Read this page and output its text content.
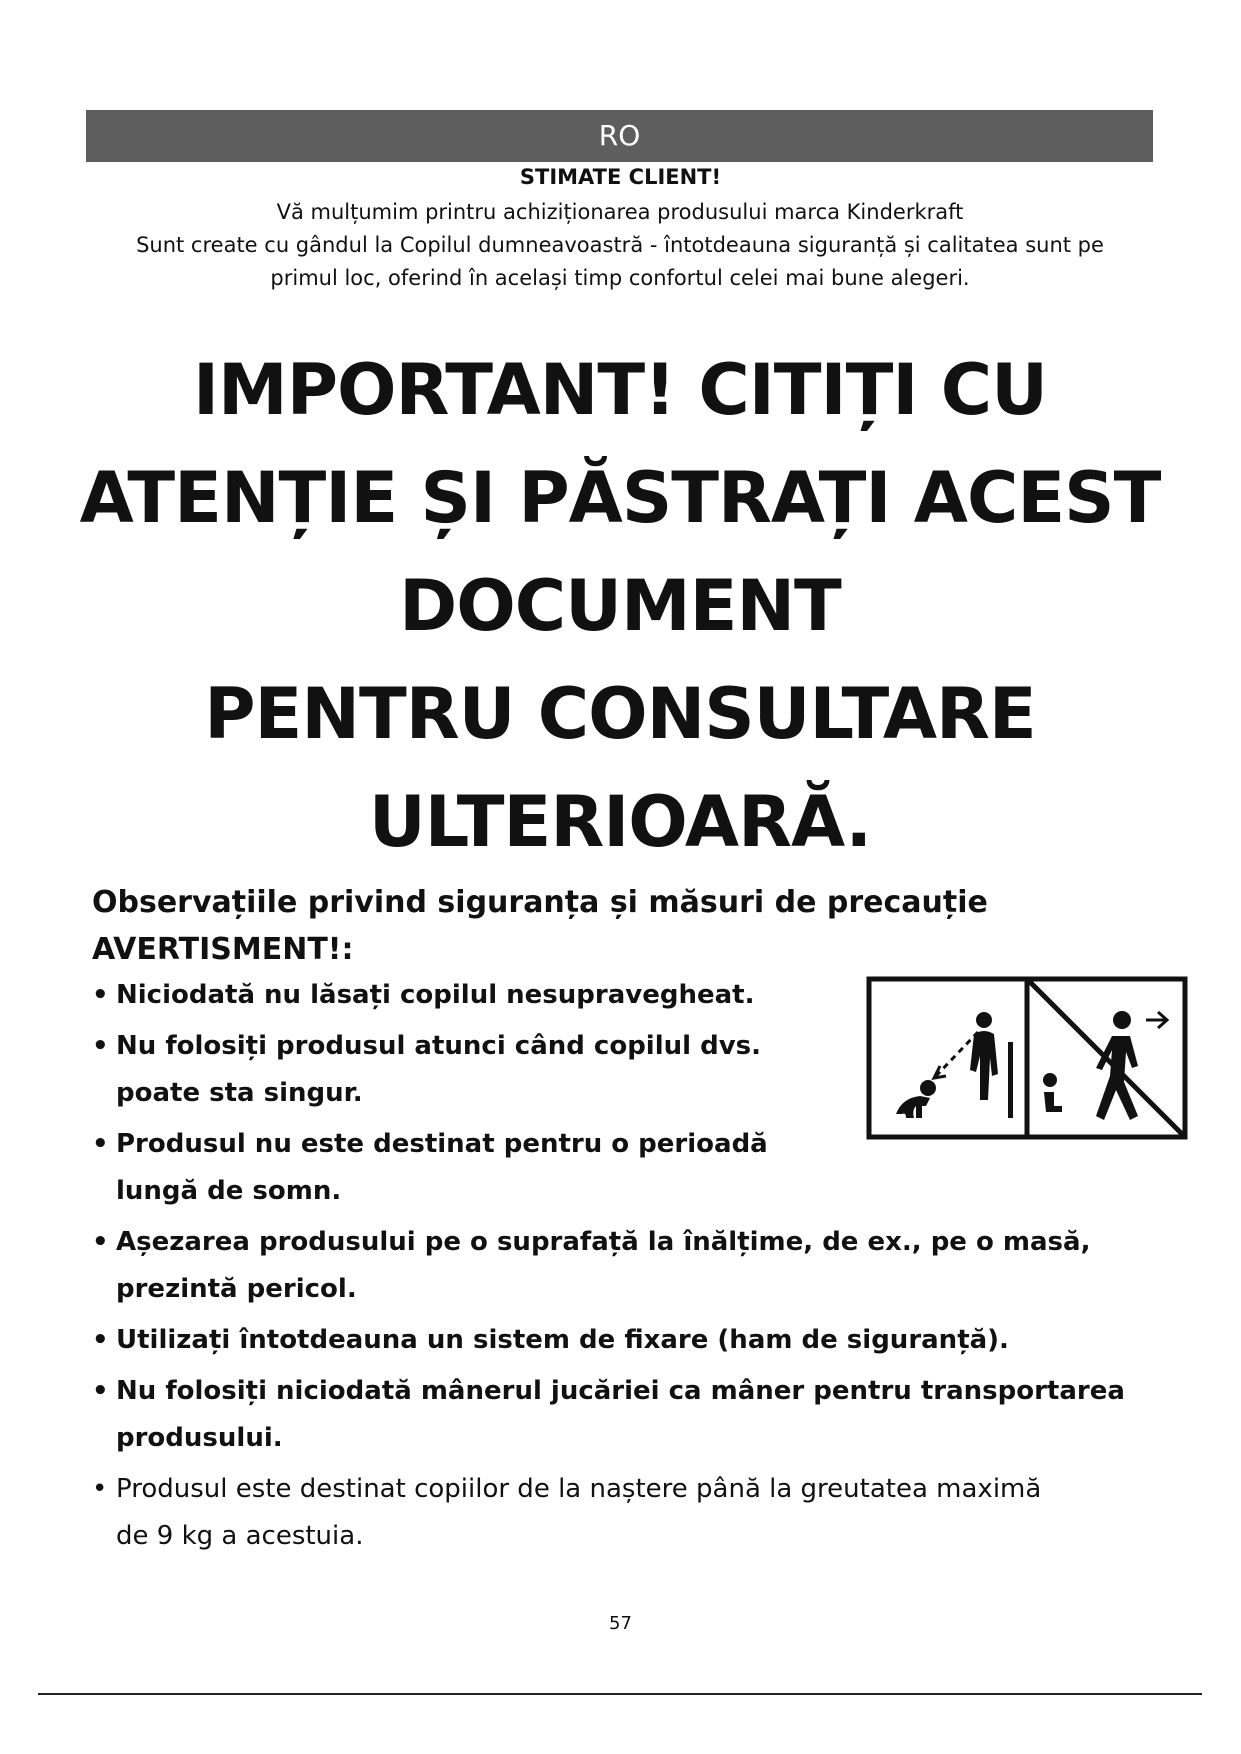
RO
STIMATE CLIENT!
Vă mulțumim printru achiziționarea produsului marca Kinderkraft
Sunt create cu gândul la Copilul dumneavoastră - întotdeauna siguranță și calitatea sunt pe
primul loc, oferind în același timp confortul celei mai bune alegeri.
IMPORTANT! CITIȚI CU
ATENȚIE ȘI PĂSTRAȚI ACEST
DOCUMENT
PENTRU CONSULTARE
ULTERIOARĂ.
Observațiile privind siguranța și măsuri de precauție
AVERTISMENT!:
• Niciodată nu lăsați copilul nesupravegheat.
• Nu folosiți produsul atunci când copilul dvs.
poate sta singur.
• Produsul nu este destinat pentru o perioadă
lungă de somn.
• Așezarea produsului pe o suprafață la înălțime, de ex., pe o masă,
prezintă pericol.
• Utilizați întotdeauna un sistem de fixare (ham de siguranță).
• Nu folosiți niciodată mânerul jucăriei ca mâner pentru transportarea
produsului.
• Produsul este destinat copiilor de la naștere până la greutatea maximă
de 9 kg a acestuia.
57
